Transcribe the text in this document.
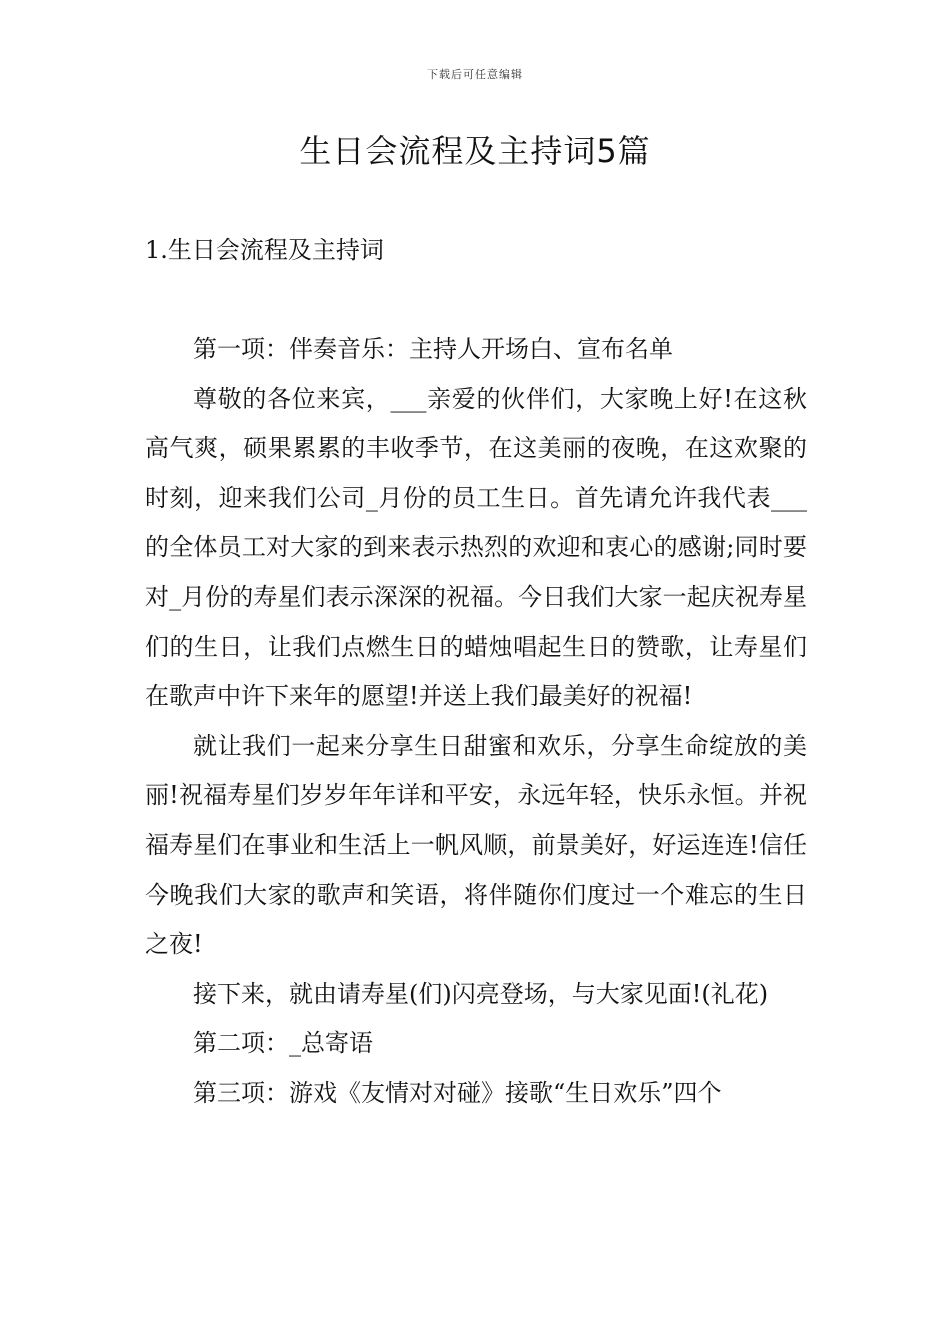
下载后可任意编辑
生日会流程及主持词5篇
1.生日会流程及主持词

第一项：伴奏音乐：主持人开场白、宣布名单

尊敬的各位来宾，___亲爱的伙伴们，大家晚上好!在这秋高气爽，硕果累累的丰收季节，在这美丽的夜晚，在这欢聚的时刻，迎来我们公司_月份的员工生日。首先请允许我代表___的全体员工对大家的到来表示热烈的欢迎和衷心的感谢;同时要对_月份的寿星们表示深深的祝福。今日我们大家一起庆祝寿星们的生日，让我们点燃生日的蜡烛唱起生日的赞歌，让寿星们在歌声中许下来年的愿望!并送上我们最美好的祝福!

就让我们一起来分享生日甜蜜和欢乐，分享生命绽放的美丽!祝福寿星们岁岁年年详和平安，永远年轻，快乐永恒。并祝福寿星们在事业和生活上一帆风顺，前景美好，好运连连!信任今晚我们大家的歌声和笑语，将伴随你们度过一个难忘的生日之夜!

接下来，就由请寿星(们)闪亮登场，与大家见面!(礼花)

第二项：_总寄语

第三项：游戏《友情对对碰》接歌“生日欢乐”四个
